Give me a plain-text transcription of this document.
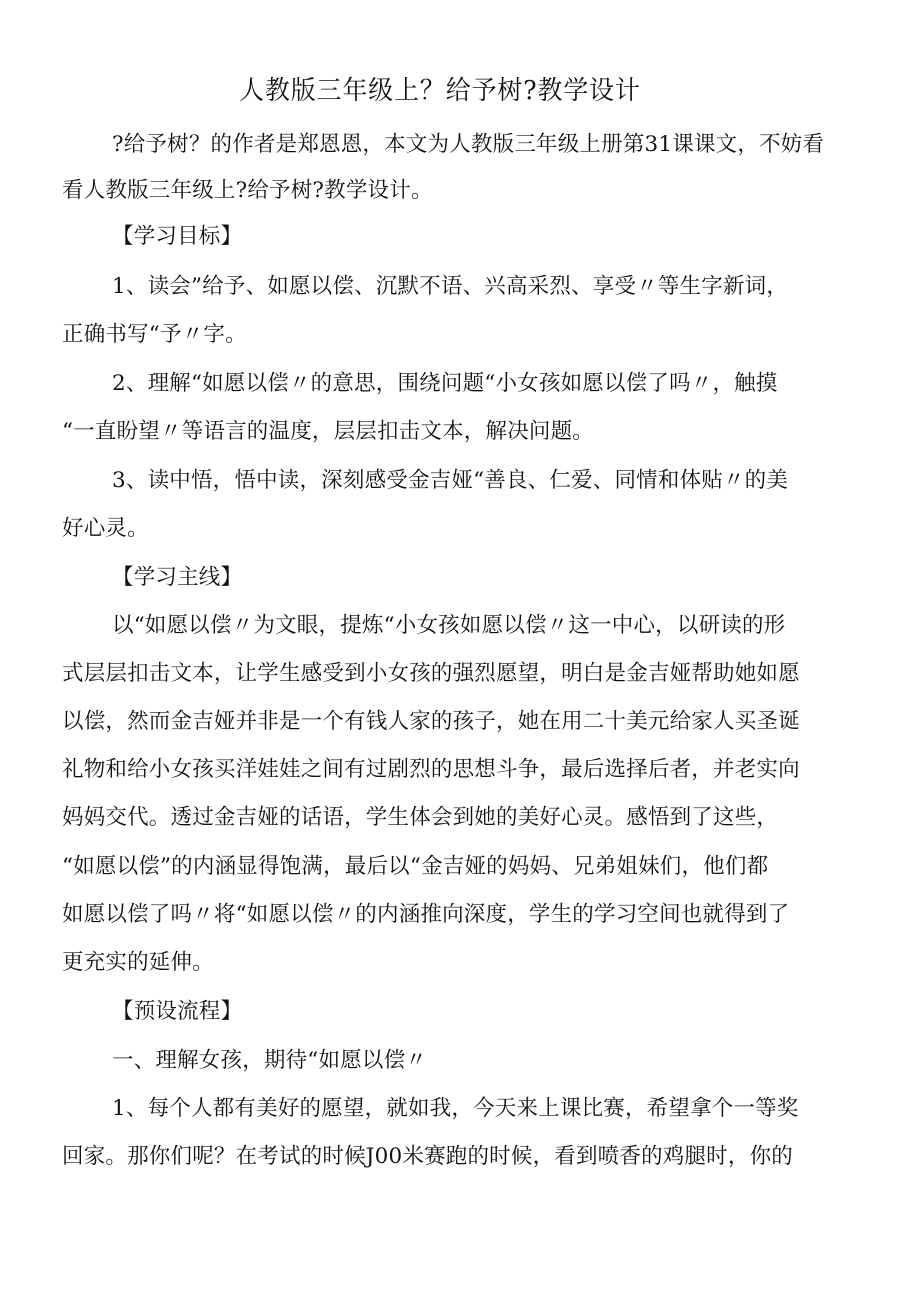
人教版三年级上？给予树?教学设计
?给予树？的作者是郑恩恩，本文为人教版三年级上册第31课课文，不妨看
看人教版三年级上?给予树?教学设计。
【学习目标】
1、读会”给予、如愿以偿、沉默不语、兴高采烈、享受〃等生字新词，
正确书写“予〃字。
2、理解“如愿以偿〃的意思，围绕问题“小女孩如愿以偿了吗〃，触摸
“一直盼望〃等语言的温度，层层扣击文本，解决问题。
3、读中悟，悟中读，深刻感受金吉娅“善良、仁爱、同情和体贴〃的美
好心灵。
【学习主线】
以“如愿以偿〃为文眼，提炼“小女孩如愿以偿〃这一中心，以研读的形
式层层扣击文本，让学生感受到小女孩的强烈愿望，明白是金吉娅帮助她如愿
以偿，然而金吉娅并非是一个有钱人家的孩子，她在用二十美元给家人买圣诞
礼物和给小女孩买洋娃娃之间有过剧烈的思想斗争，最后选择后者，并老实向
妈妈交代。透过金吉娅的话语，学生体会到她的美好心灵。感悟到了这些，
“如愿以偿”的内涵显得饱满，最后以“金吉娅的妈妈、兄弟姐妹们，他们都
如愿以偿了吗〃将“如愿以偿〃的内涵推向深度，学生的学习空间也就得到了
更充实的延伸。
【预设流程】
一、理解女孩，期待“如愿以偿〃
1、每个人都有美好的愿望，就如我，今天来上课比赛，希望拿个一等奖
回家。那你们呢？在考试的时候J00米赛跑的时候，看到喷香的鸡腿时，你的
